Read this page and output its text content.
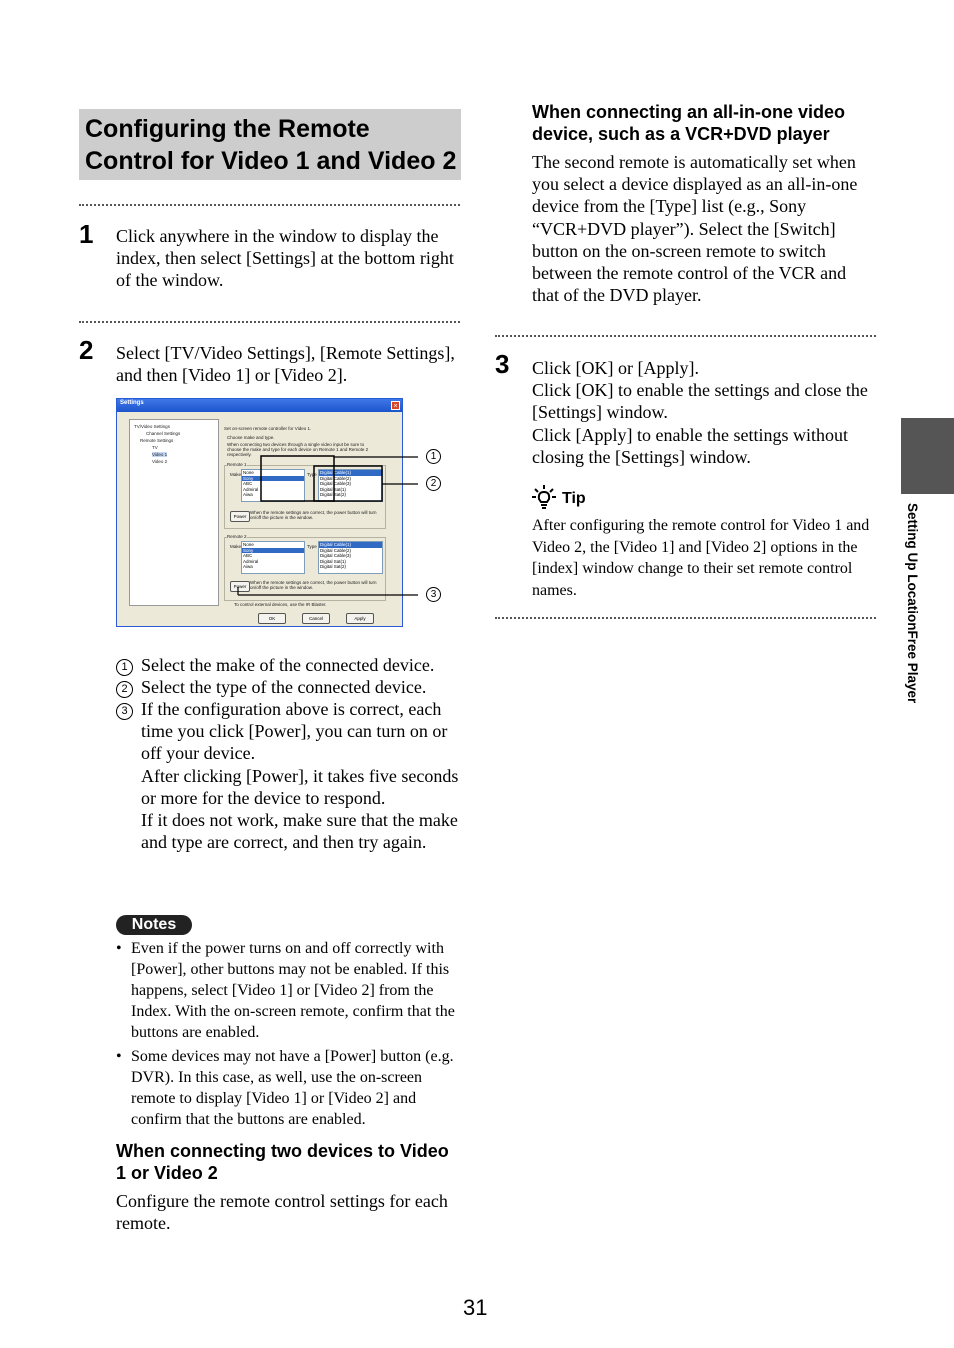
Configuring the Remote
Control for Video 1 and Video 2
1 Click anywhere in the window to display the index, then select [Settings] at the bottom right of the window.
2 Select [TV/Video Settings], [Remote Settings], and then [Video 1] or [Video 2].
Settings	×
TV/Video Settings
Channel Settings
Remote Settings
TV
Video 1
Video 2
Set on-screen remote controller for Video 1.
Choose make and type.
When connecting two devices through a single video input be sure to choose the make and type for each device on Remote 1 and Remote 2 respectively.
Remote 1
Make None
Sony
ABC
Admiral
Aiwa
Type Digital Cable(1)
Digital Cable(2)
Digital Cable(3)
Digital Sat(1)
Digital Sat(2)
Power
When the remote settings are correct, the power button will turn on/off the picture in the window.
Remote 2
Make None
Sony
ABC
Admiral
Aiwa
Type Digital Cable(1)
Digital Cable(2)
Digital Cable(3)
Digital Sat(1)
Digital Sat(2)
Power
When the remote settings are correct, the power button will turn on/off the picture in the window.
To control external devices, use the IR Blaster.
OK	Cancel	Apply
1
2
3
1 Select the make of the connected device.
2 Select the type of the connected device.
3 If the configuration above is correct, each time you click [Power], you can turn on or off your device.
After clicking [Power], it takes five seconds or more for the device to respond.
If it does not work, make sure that the make and type are correct, and then try again.
Notes
• Even if the power turns on and off correctly with [Power], other buttons may not be enabled. If this happens, select [Video 1] or [Video 2] from the Index. With the on-screen remote, confirm that the buttons are enabled.
• Some devices may not have a [Power] button (e.g. DVR). In this case, as well, use the on-screen remote to display [Video 1] or [Video 2] and confirm that the buttons are enabled.
When connecting two devices to Video 1 or Video 2
Configure the remote control settings for each remote.
When connecting an all-in-one video device, such as a VCR+DVD player
The second remote is automatically set when you select a device displayed as an all-in-one device from the [Type] list (e.g., Sony “VCR+DVD player”). Select the [Switch] button on the on-screen remote to switch between the remote control of the VCR and that of the DVD player.
3 Click [OK] or [Apply].
Click [OK] to enable the settings and close the [Settings] window.
Click [Apply] to enable the settings without closing the [Settings] window.
Tip
After configuring the remote control for Video 1 and Video 2, the [Video 1] and [Video 2] options in the [index] window change to their set remote control names.	Setting Up LocationFree Player
31
